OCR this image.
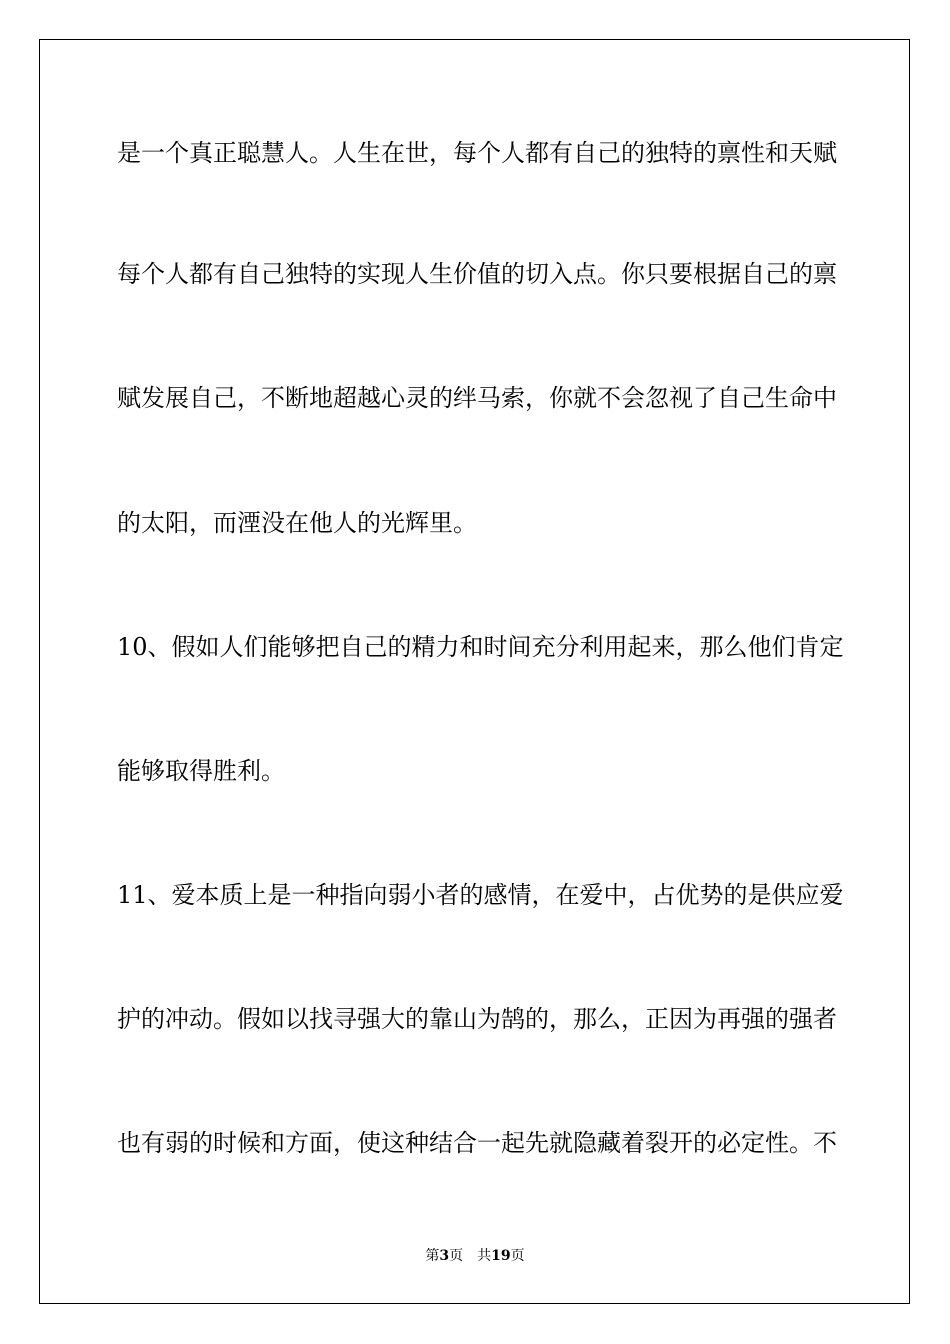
是一个真正聪慧人。人生在世，每个人都有自己的独特的禀性和天赋
每个人都有自己独特的实现人生价值的切入点。你只要根据自己的禀
赋发展自己，不断地超越心灵的绊马索，你就不会忽视了自己生命中
的太阳，而湮没在他人的光辉里。
10、假如人们能够把自己的精力和时间充分利用起来，那么他们肯定
能够取得胜利。
11、爱本质上是一种指向弱小者的感情，在爱中，占优势的是供应爱
护的冲动。假如以找寻强大的靠山为鹄的，那么，正因为再强的强者
也有弱的时候和方面，使这种结合一起先就隐藏着裂开的必定性。不
第3页 共19页
